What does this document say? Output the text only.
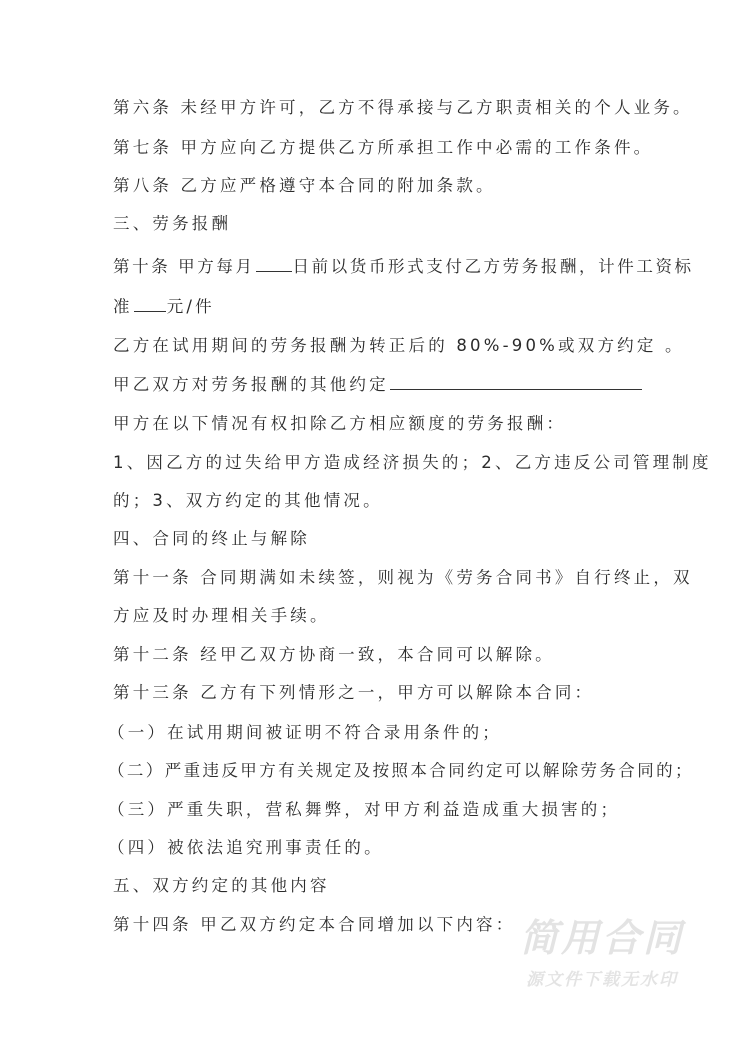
第六条 未经甲方许可，乙方不得承接与乙方职责相关的个人业务。
第七条 甲方应向乙方提供乙方所承担工作中必需的工作条件。
第八条 乙方应严格遵守本合同的附加条款。
三、劳务报酬
第十条 甲方每月 日前以货币形式支付乙方劳务报酬，计件工资标
准 元/件
乙方在试用期间的劳务报酬为转正后的 80%-90%或双方约定 。
甲乙双方对劳务报酬的其他约定
甲方在以下情况有权扣除乙方相应额度的劳务报酬：
1、因乙方的过失给甲方造成经济损失的；2、乙方违反公司管理制度
的；3、双方约定的其他情况。
四、合同的终止与解除
第十一条 合同期满如未续签，则视为《劳务合同书》自行终止，双
方应及时办理相关手续。
第十二条 经甲乙双方协商一致，本合同可以解除。
第十三条 乙方有下列情形之一，甲方可以解除本合同：
（一）在试用期间被证明不符合录用条件的；
（二）严重违反甲方有关规定及按照本合同约定可以解除劳务合同的；
（三）严重失职，营私舞弊，对甲方利益造成重大损害的；
（四）被依法追究刑事责任的。
五、双方约定的其他内容
第十四条 甲乙双方约定本合同增加以下内容： 简用合同
源文件下载无水印
